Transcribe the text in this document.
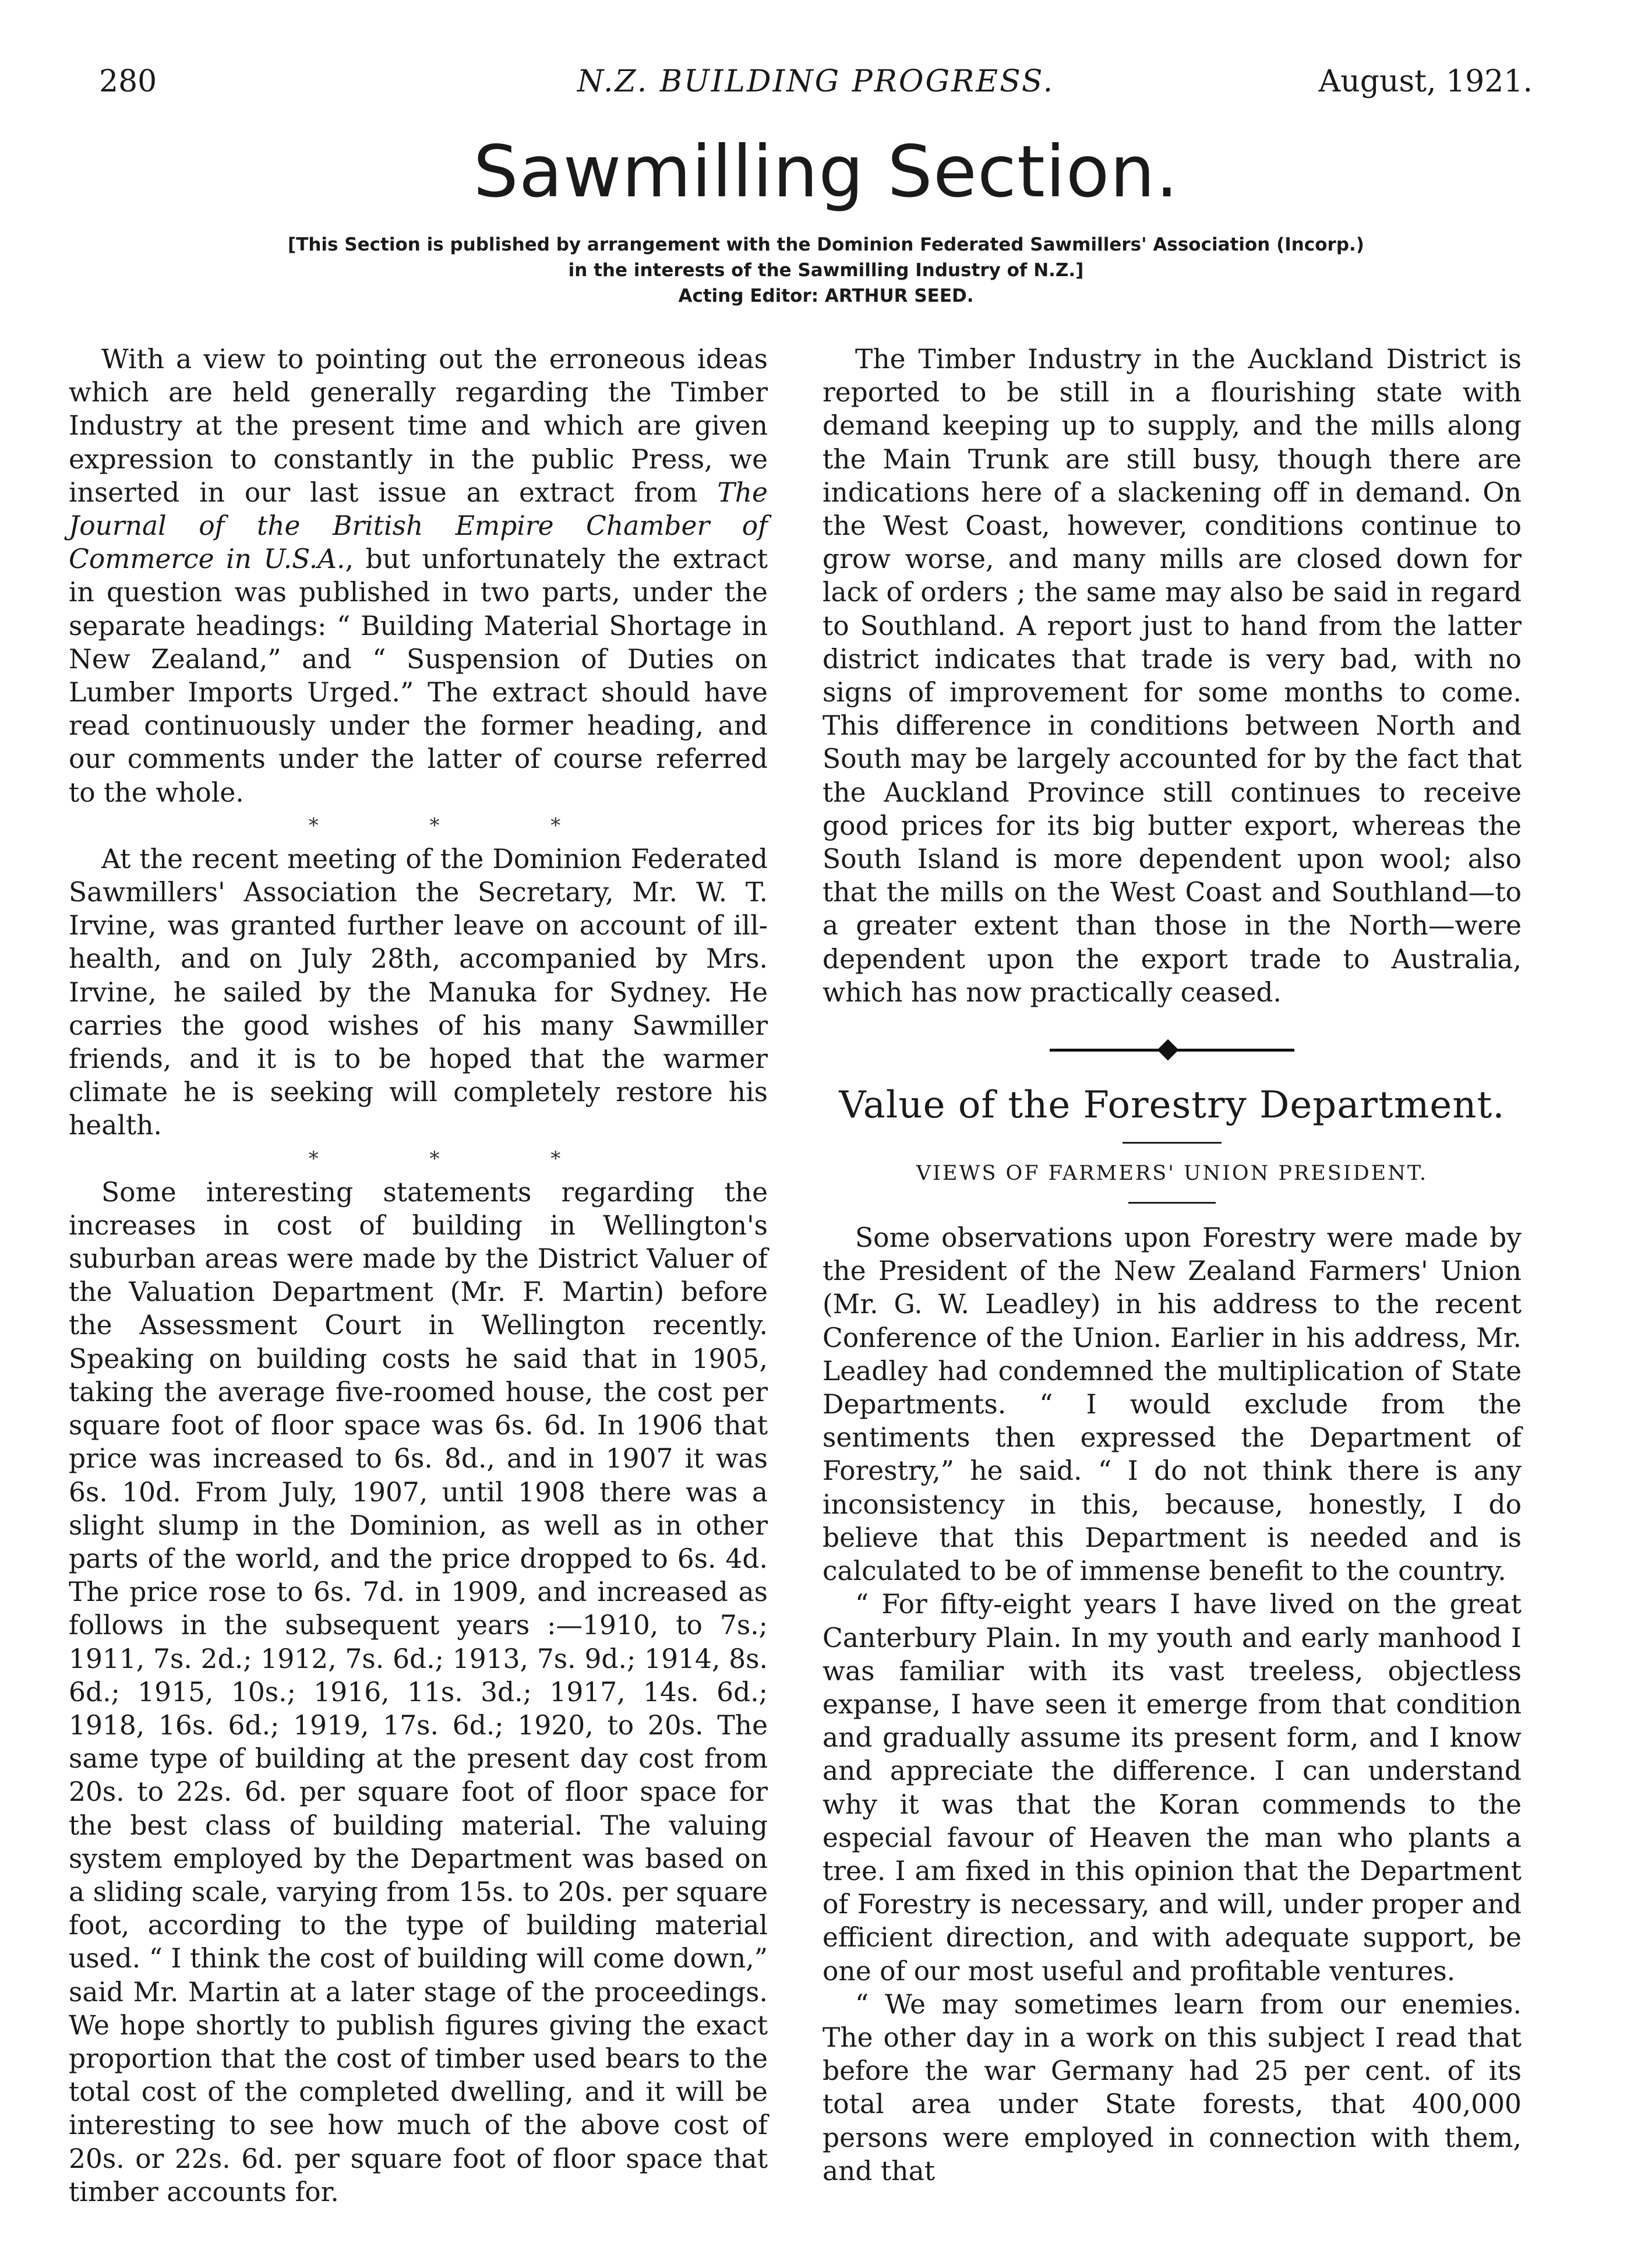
280	N.Z. BUILDING PROGRESS.	August, 1921.
Sawmilling Section.
[This Section is published by arrangement with the Dominion Federated Sawmillers' Association (Incorp.)
in the interests of the Sawmilling Industry of N.Z.]
Acting Editor: ARTHUR SEED.

With a view to pointing out the erroneous ideas which are held generally regarding the Timber Industry at the present time and which are given expression to constantly in the public Press, we inserted in our last issue an extract from The Journal of the British Empire Chamber of Commerce in U.S.A., but unfortunately the extract in question was published in two parts, under the separate headings: “ Building Material Shortage in New Zealand,” and “ Suspension of Duties on Lumber Imports Urged.” The extract should have read continuously under the former heading, and our comments under the latter of course referred to the whole.

* * *

At the recent meeting of the Dominion Federated Sawmillers' Association the Secretary, Mr. W. T. Irvine, was granted further leave on account of ill-health, and on July 28th, accompanied by Mrs. Irvine, he sailed by the Manuka for Sydney. He carries the good wishes of his many Sawmiller friends, and it is to be hoped that the warmer climate he is seeking will completely restore his health.

* * *

Some interesting statements regarding the increases in cost of building in Wellington's suburban areas were made by the District Valuer of the Valuation Department (Mr. F. Martin) before the Assessment Court in Wellington recently. Speaking on building costs he said that in 1905, taking the average five-roomed house, the cost per square foot of floor space was 6s. 6d. In 1906 that price was increased to 6s. 8d., and in 1907 it was 6s. 10d. From July, 1907, until 1908 there was a slight slump in the Dominion, as well as in other parts of the world, and the price dropped to 6s. 4d. The price rose to 6s. 7d. in 1909, and increased as follows in the subsequent years :—1910, to 7s.; 1911, 7s. 2d.; 1912, 7s. 6d.; 1913, 7s. 9d.; 1914, 8s. 6d.; 1915, 10s.; 1916, 11s. 3d.; 1917, 14s. 6d.; 1918, 16s. 6d.; 1919, 17s. 6d.; 1920, to 20s. The same type of building at the present day cost from 20s. to 22s. 6d. per square foot of floor space for the best class of building material. The valuing system employed by the Department was based on a sliding scale, varying from 15s. to 20s. per square foot, according to the type of building material used. “ I think the cost of building will come down,” said Mr. Martin at a later stage of the proceedings. We hope shortly to publish figures giving the exact proportion that the cost of timber used bears to the total cost of the completed dwelling, and it will be interesting to see how much of the above cost of 20s. or 22s. 6d. per square foot of floor space that timber accounts for.

The Timber Industry in the Auckland District is reported to be still in a flourishing state with demand keeping up to supply, and the mills along the Main Trunk are still busy, though there are indications here of a slackening off in demand. On the West Coast, however, conditions continue to grow worse, and many mills are closed down for lack of orders ; the same may also be said in regard to Southland. A report just to hand from the latter district indicates that trade is very bad, with no signs of improvement for some months to come. This difference in conditions between North and South may be largely accounted for by the fact that the Auckland Province still continues to receive good prices for its big butter export, whereas the South Island is more dependent upon wool; also that the mills on the West Coast and Southland—to a greater extent than those in the North—were dependent upon the export trade to Australia, which has now practically ceased.

Value of the Forestry Department.
VIEWS OF FARMERS' UNION PRESIDENT.

Some observations upon Forestry were made by the President of the New Zealand Farmers' Union (Mr. G. W. Leadley) in his address to the recent Conference of the Union. Earlier in his address, Mr. Leadley had condemned the multiplication of State Departments. “ I would exclude from the sentiments then expressed the Department of Forestry,” he said. “ I do not think there is any inconsistency in this, because, honestly, I do believe that this Department is needed and is calculated to be of immense benefit to the country.

“ For fifty-eight years I have lived on the great Canterbury Plain. In my youth and early manhood I was familiar with its vast treeless, objectless expanse, I have seen it emerge from that condition and gradually assume its present form, and I know and appreciate the difference. I can understand why it was that the Koran commends to the especial favour of Heaven the man who plants a tree. I am fixed in this opinion that the Department of Forestry is necessary, and will, under proper and efficient direction, and with adequate support, be one of our most useful and profitable ventures.

“ We may sometimes learn from our enemies. The other day in a work on this subject I read that before the war Germany had 25 per cent. of its total area under State forests, that 400,000 persons were employed in connection with them, and that
